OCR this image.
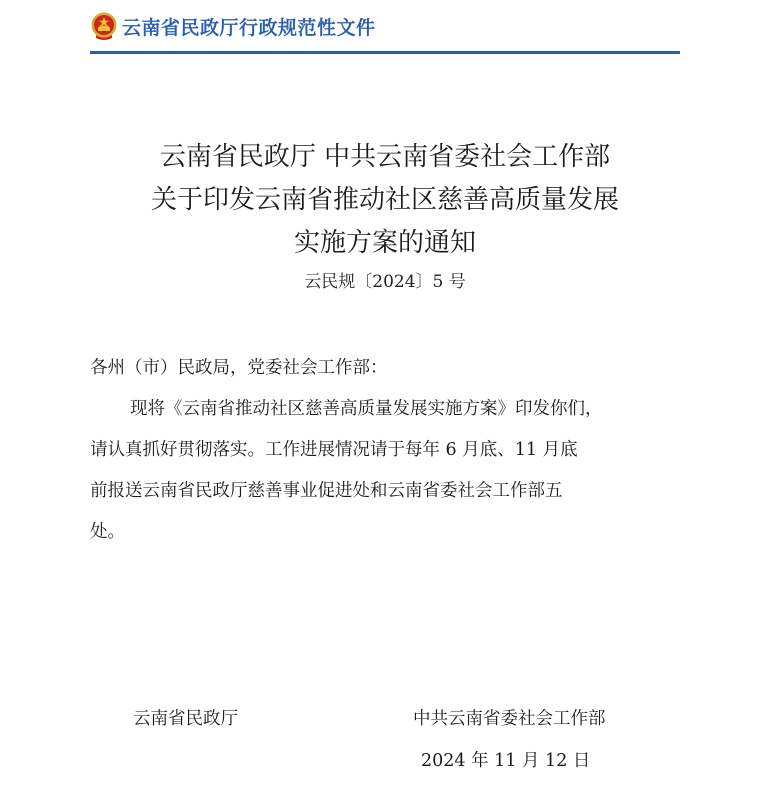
云南省民政厅行政规范性文件
云南省民政厅 中共云南省委社会工作部
关于印发云南省推动社区慈善高质量发展
实施方案的通知
云民规〔2024〕5 号
各州（市）民政局，党委社会工作部：
现将《云南省推动社区慈善高质量发展实施方案》印发你们，
请认真抓好贯彻落实。工作进展情况请于每年 6 月底、11 月底
前报送云南省民政厅慈善事业促进处和云南省委社会工作部五
处。
云南省民政厅	中共云南省委社会工作部
2024 年 11 月 12 日
